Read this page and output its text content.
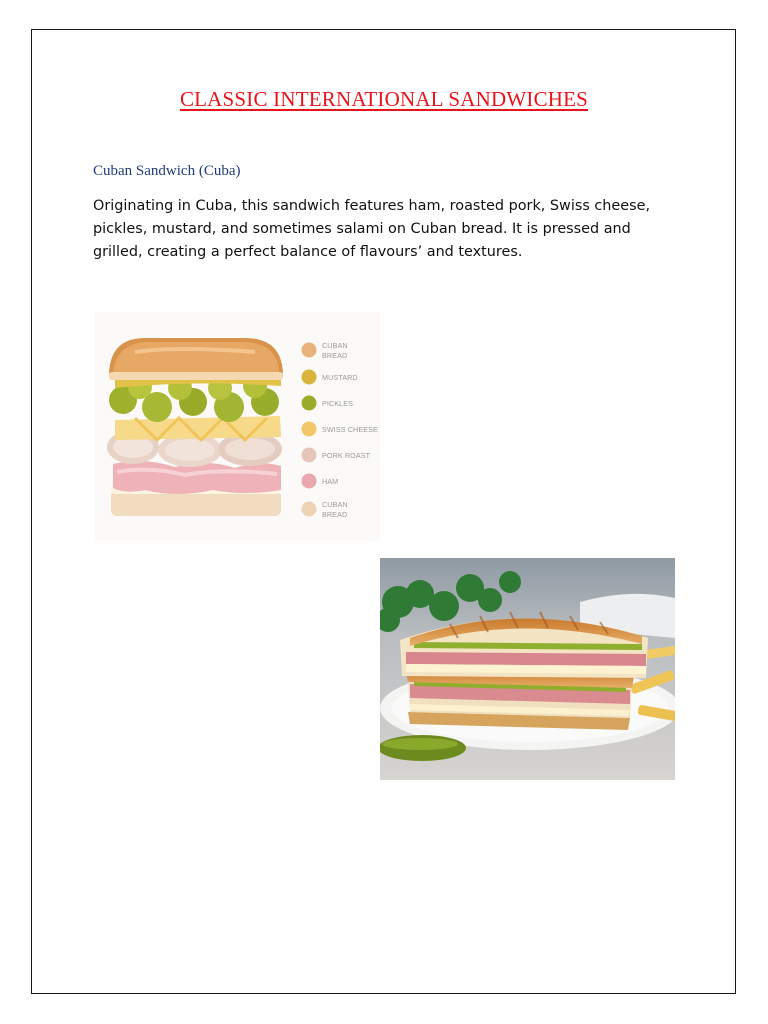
CLASSIC INTERNATIONAL SANDWICHES
Cuban Sandwich (Cuba)
Originating in Cuba, this sandwich features ham, roasted pork, Swiss cheese, pickles, mustard, and sometimes salami on Cuban bread. It is pressed and grilled, creating a perfect balance of flavours’ and textures.
CUBAN BREAD
MUSTARD
PICKLES
SWISS CHEESE
PORK ROAST
HAM
CUBAN BREAD
